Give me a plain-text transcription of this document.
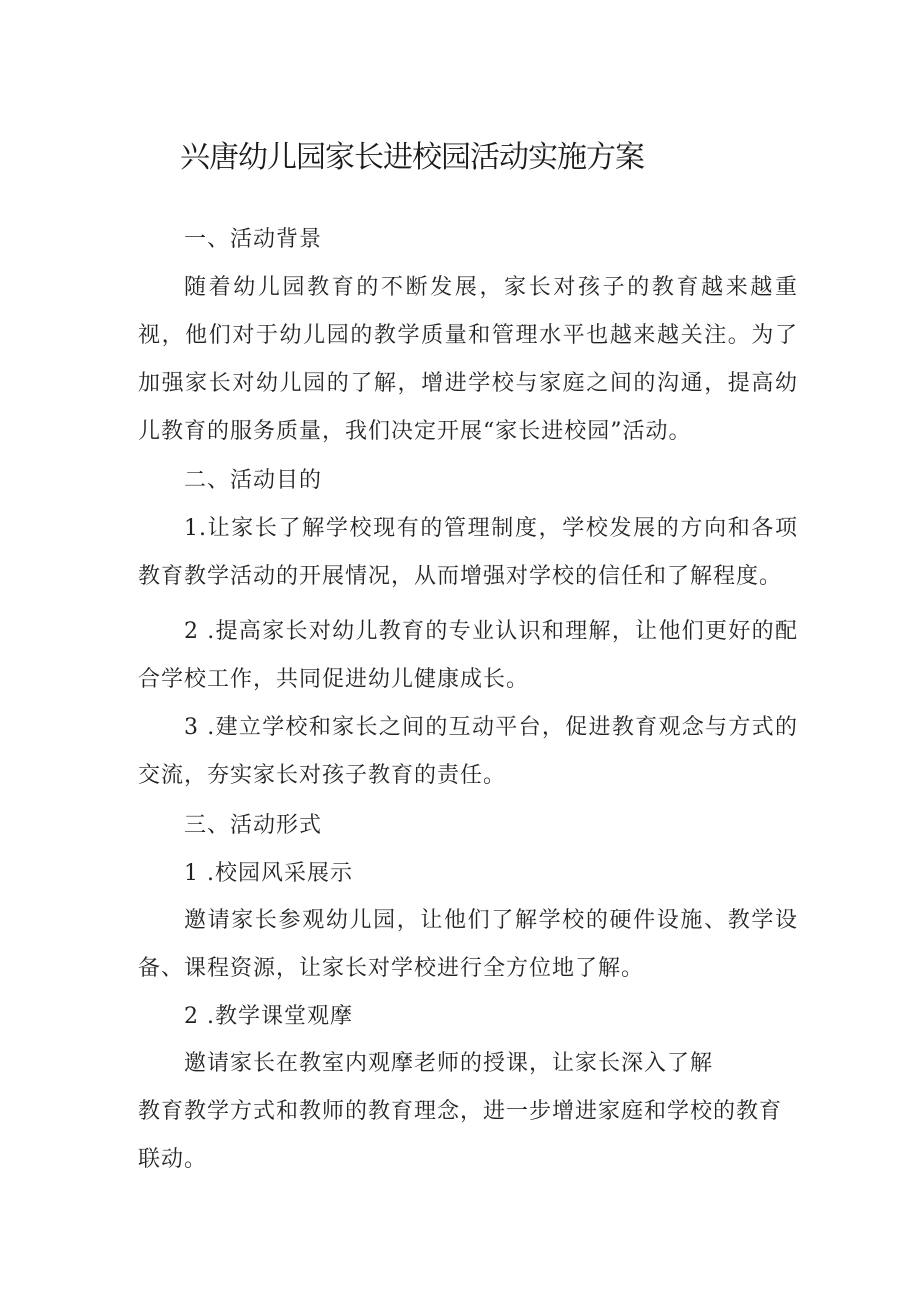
兴唐幼儿园家长进校园活动实施方案
一、活动背景
随着幼儿园教育的不断发展，家长对孩子的教育越来越重视，他们对于幼儿园的教学质量和管理水平也越来越关注。为了加强家长对幼儿园的了解，增进学校与家庭之间的沟通，提高幼儿教育的服务质量，我们决定开展“家长进校园”活动。
二、活动目的
1.让家长了解学校现有的管理制度，学校发展的方向和各项教育教学活动的开展情况，从而增强对学校的信任和了解程度。
2 .提高家长对幼儿教育的专业认识和理解，让他们更好的配合学校工作，共同促进幼儿健康成长。
3 .建立学校和家长之间的互动平台，促进教育观念与方式的交流，夯实家长对孩子教育的责任。
三、活动形式
1 .校园风采展示
邀请家长参观幼儿园，让他们了解学校的硬件设施、教学设备、课程资源，让家长对学校进行全方位地了解。
2 .教学课堂观摩
邀请家长在教室内观摩老师的授课，让家长深入了解
教育教学方式和教师的教育理念，进一步增进家庭和学校的教育
联动。
